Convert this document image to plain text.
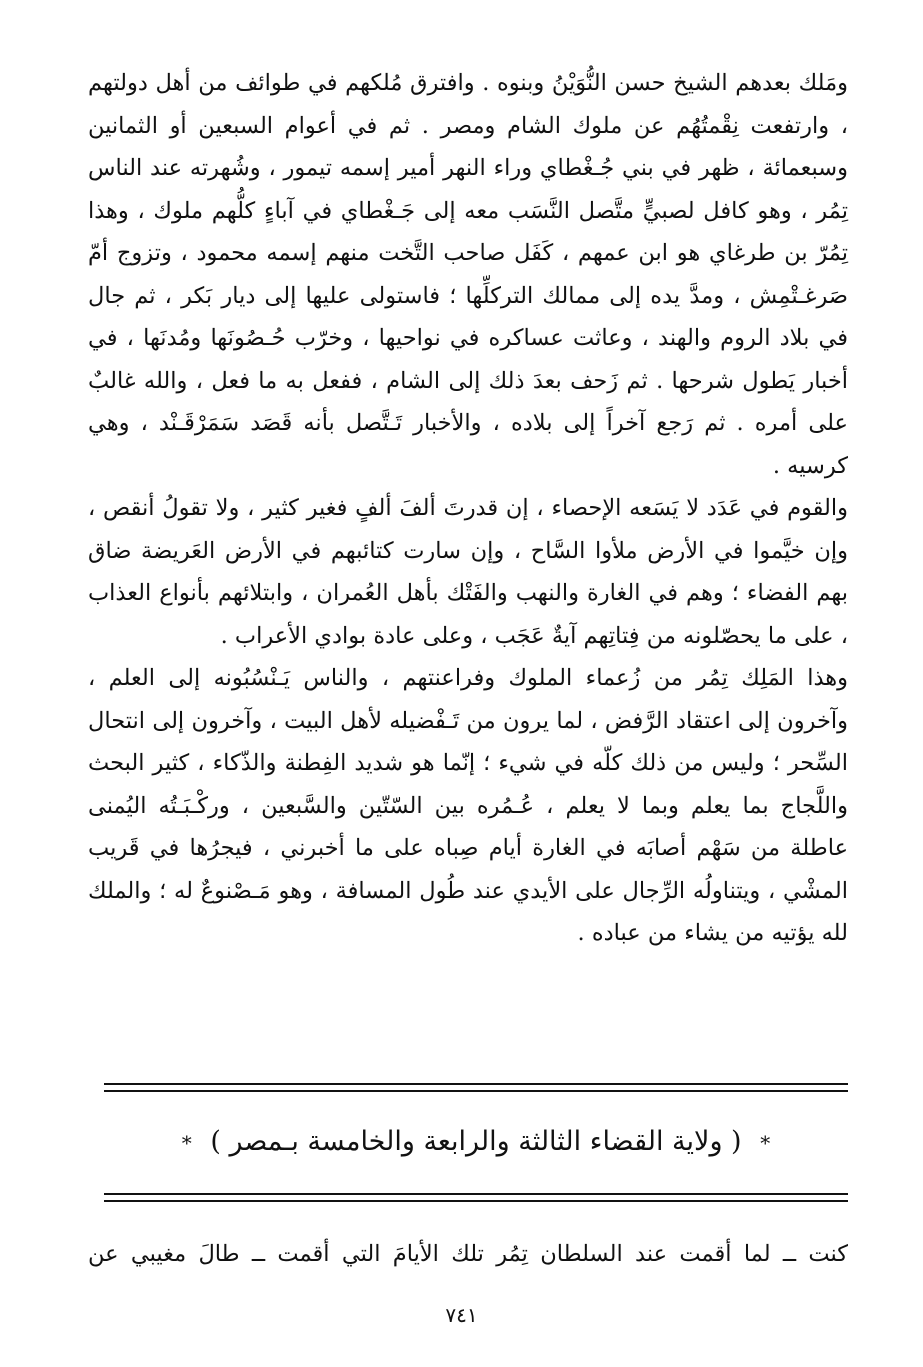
ومَلك بعدهم الشيخ حسن النُّوَيْنُ وبنوه . وافترق مُلكهم في طوائف من أهل دولتهم ، وارتفعت نِقْمتُهُم عن ملوك الشام ومصر . ثم في أعوام السبعين أو الثمانين وسبعمائة ، ظهر في بني جُـغْطاي وراء النهر أمير إسمه تيمور ، وشُهرته عند الناس تِمُر ، وهو كافل لصبيٍّ متَّصل النَّسَب معه إلى جَـغْطاي في آباءٍ كلُّهم ملوك ، وهذا تِمُرّ بن طرغاي هو ابن عمهم ، كَفَل صاحب التَّخت منهم إسمه محمود ، وتزوج أمّ صَرغـتْمِش ، ومدَّ يده إلى ممالك التركلِّها ؛ فاستولى عليها إلى ديار بَكر ، ثم جال في بلاد الروم والهند ، وعاثت عساكره في نواحيها ، وخرّب حُـصُونَها ومُدنَها ، في أخبار يَطول شرحها . ثم زَحف بعدَ ذلك إلى الشام ، ففعل به ما فعل ، والله غالبٌ على أمره . ثم رَجع آخراً إلى بلاده ، والأخبار تَـتَّصل بأنه قَصَد سَمَرْقَـنْد ، وهي كرسيه .

والقوم في عَدَد لا يَسَعه الإحصاء ، إن قدرتَ ألفَ ألفٍ فغير كثير ، ولا تقولُ أنقص ، وإن خيَّموا في الأرض ملأوا السَّاح ، وإن سارت كتائبهم في الأرض العَريضة ضاق بهم الفضاء ؛ وهم في الغارة والنهب والفَتْك بأهل العُمران ، وابتلائهم بأنواع العذاب ، على ما يحصّلونه من فِتاتِهم آيةٌ عَجَب ، وعلى عادة بوادي الأعراب .

وهذا المَلِك تِمُر من زُعماء الملوك وفراعنتهم ، والناس يَـنْسُبُونه إلى العلم ، وآخرون إلى اعتقاد الرَّفض ، لما يرون من تَـفْضيله لأهل البيت ، وآخرون إلى انتحال السِّحر ؛ وليس من ذلك كلّه في شيء ؛ إنّما هو شديد الفِطنة والذّكاء ، كثير البحث واللَّجاج بما يعلم وبما لا يعلم ، عُـمُره بين السّتّين والسَّبعين ، وركْـبَـتُه اليُمنى عاطلة من سَهْم أصابَه في الغارة أيام صِباه على ما أخبرني ، فيجرُها في قَريب المشْي ، ويتناولُه الرِّجال على الأيدي عند طُول المسافة ، وهو مَـصْنوعٌ له ؛ والملك لله يؤتيه من يشاء من عباده .

* ( ولاية القضاء الثالثة والرابعة والخامسة بـمصر ) *
كنت ــ لما أقمت عند السلطان تِمُر تلك الأيامَ التي أقمت ــ طالَ مغيبي عن
٧٤١
